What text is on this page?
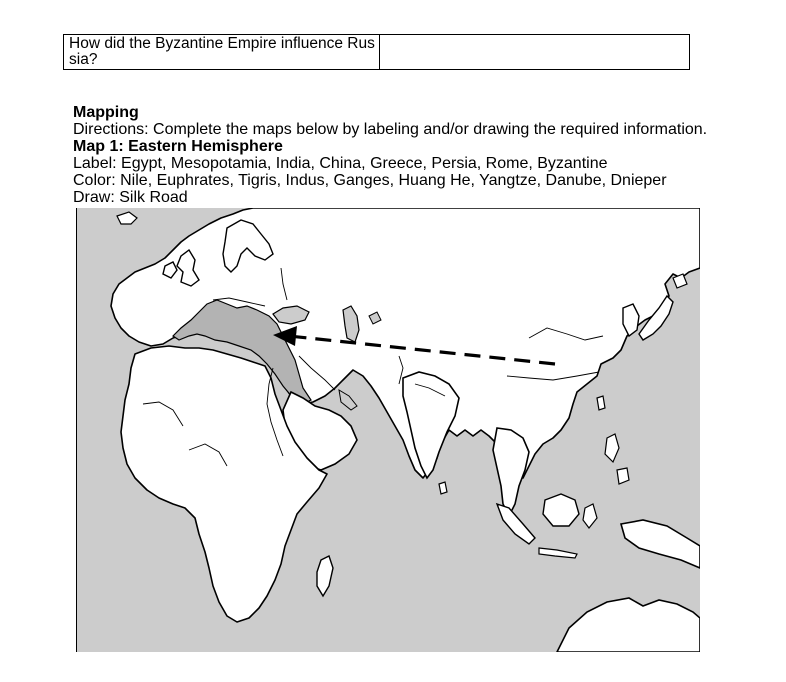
How did the Byzantine Empire influence Russia?
Mapping
Directions: Complete the maps below by labeling and/or drawing the required information.
Map 1: Eastern Hemisphere
Label: Egypt, Mesopotamia, India, China, Greece, Persia, Rome, Byzantine
Color: Nile, Euphrates, Tigris, Indus, Ganges, Huang He, Yangtze, Danube, Dnieper
Draw: Silk Road
